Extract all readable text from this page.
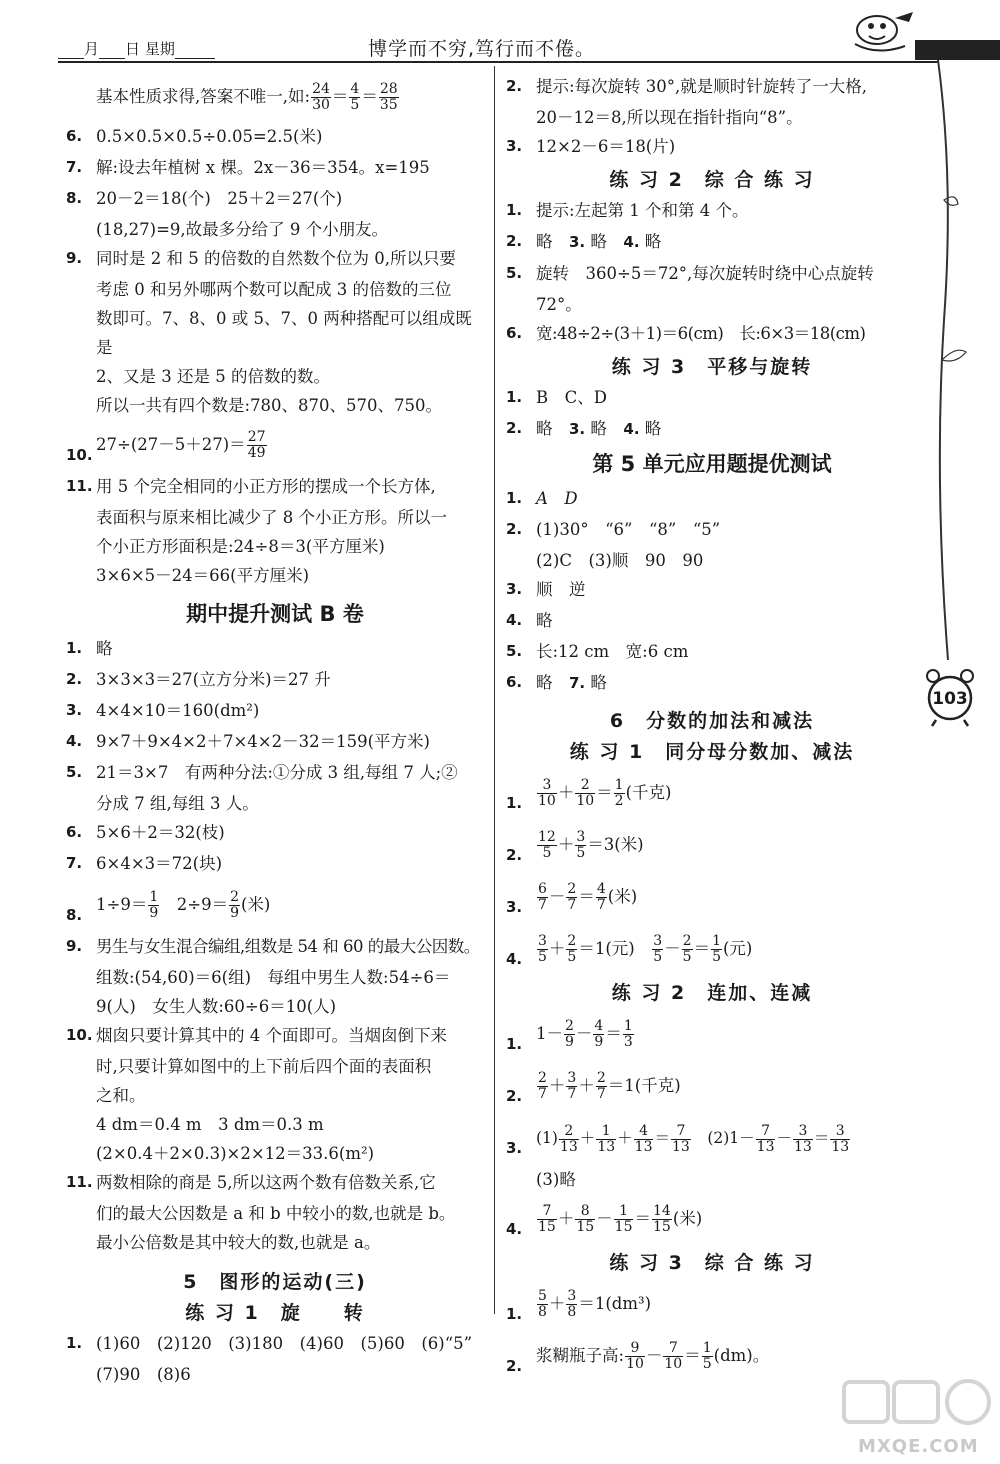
月 日 星期	博学而不穷,笃行而不倦。
基本性质求得,答案不唯一,如: $\frac{24}{30} = \frac{4}{5} = \frac{28}{35}$
6. 0.5×0.5×0.5÷0.05=2.5(米)
7. 解:设去年植树 x 棵。2x－36＝354。x=195
8. 20－2＝18(个)　25＋2＝27(个)
(18,27)=9,故最多分给了 9 个小朋友。
9. 同时是 2 和 5 的倍数的自然数个位为 0,所以只要
考虑 0 和另外哪两个数可以配成 3 的倍数的三位
数即可。7、8、0 或 5、7、0 两种搭配可以组成既是
2、又是 3 还是 5 的倍数的数。
所以一共有四个数是:780、870、570、750。
10.
$27\div(27-5+27)= \frac{27}{49}$
11. 用 5 个完全相同的小正方形的摆成一个长方体,
表面积与原来相比减少了 8 个小正方形。所以一
个小正方形面积是:24÷8＝3(平方厘米)
3×6×5－24＝66(平方厘米)
期中提升测试 B 卷
1. 略
2. 3×3×3＝27(立方分米)＝27 升
3. 4×4×10＝160(dm²)
4. 9×7＋9×4×2＋7×4×2－32＝159(平方米)
5. 21＝3×7　有两种分法:①分成 3 组,每组 7 人;②
分成 7 组,每组 3 人。
6. 5×6＋2＝32(枝)
7. 6×4×3＝72(块)
8.
$1\div 9= \frac{1}{9}$ 　$2\div 9= \frac{2}{9}$ (米)
9. 男生与女生混合编组,组数是 54 和 60 的最大公因数。
组数:(54,60)＝6(组)　每组中男生人数:54÷6＝
9(人)　女生人数:60÷6＝10(人)
10. 烟囱只要计算其中的 4 个面即可。当烟囱倒下来
时,只要计算如图中的上下前后四个面的表面积
之和。
4 dm＝0.4 m　3 dm＝0.3 m
(2×0.4＋2×0.3)×2×12＝33.6(m²)
11. 两数相除的商是 5,所以这两个数有倍数关系,它
们的最大公因数是 a 和 b 中较小的数,也就是 b。
最小公倍数是其中较大的数,也就是 a。
5　图形的运动(三)
练 习 1　旋　　转
1. (1)60　(2)120　(3)180　(4)60　(5)60　(6)“5”
(7)90　(8)6
2. 提示:每次旋转 30°,就是顺时针旋转了一大格,
20－12＝8,所以现在指针指向“8”。
3. 12×2－6＝18(片)
练 习 2　综 合 练 习
1. 提示:左起第 1 个和第 4 个。
2. 略　 3. 略　 4. 略
5. 旋转　360÷5＝72°,每次旋转时绕中心点旋转
72°。
6. 宽:48÷2÷(3＋1)＝6(cm)　长:6×3＝18(cm)
练 习 3　平移与旋转
1. B　C、D
2. 略　 3. 略　 4. 略
第 5 单元应用题提优测试
1. A　D
2. (1)30°　“6”　“8”　“5”
(2)C　(3)顺　90　90
3. 顺　逆
4. 略
5. 长:12 cm　宽:6 cm
6. 略　 7. 略
6　分数的加法和减法
练 习 1　同分母分数加、减法
1. $\frac{3}{10} + \frac{2}{10} = \frac{1}{2}$ (千克)
2. $\frac{12}{5} + \frac{3}{5} =3$(米)
3. $\frac{6}{7} - \frac{2}{7} = \frac{4}{7}$ (米)
4. $\frac{3}{5} + \frac{2}{5} =1$(元)　 $\frac{3}{5} - \frac{2}{5} = \frac{1}{5}$ (元)
练 习 2　连加、连减
1.
$1- \frac{2}{9} - \frac{4}{9} = \frac{1}{3}$
2. $\frac{2}{7} + \frac{3}{7} + \frac{2}{7} =1$(千克)
3.
$(1) \frac{2}{13} + \frac{1}{13} + \frac{4}{13} = \frac{7}{13}$ 　$(2)1- \frac{7}{13} - \frac{3}{13} = \frac{3}{13}$
(3)略
4. $\frac{7}{15} + \frac{8}{15} - \frac{1}{15} = \frac{14}{15}$ (米)
练 习 3　综 合 练 习
1. $\frac{5}{8} + \frac{3}{8} =1(dm^3)$
2.
浆糊瓶子高: $\frac{9}{10} - \frac{7}{10} = \frac{1}{5} (dm)$。
103
MXQE.COM
